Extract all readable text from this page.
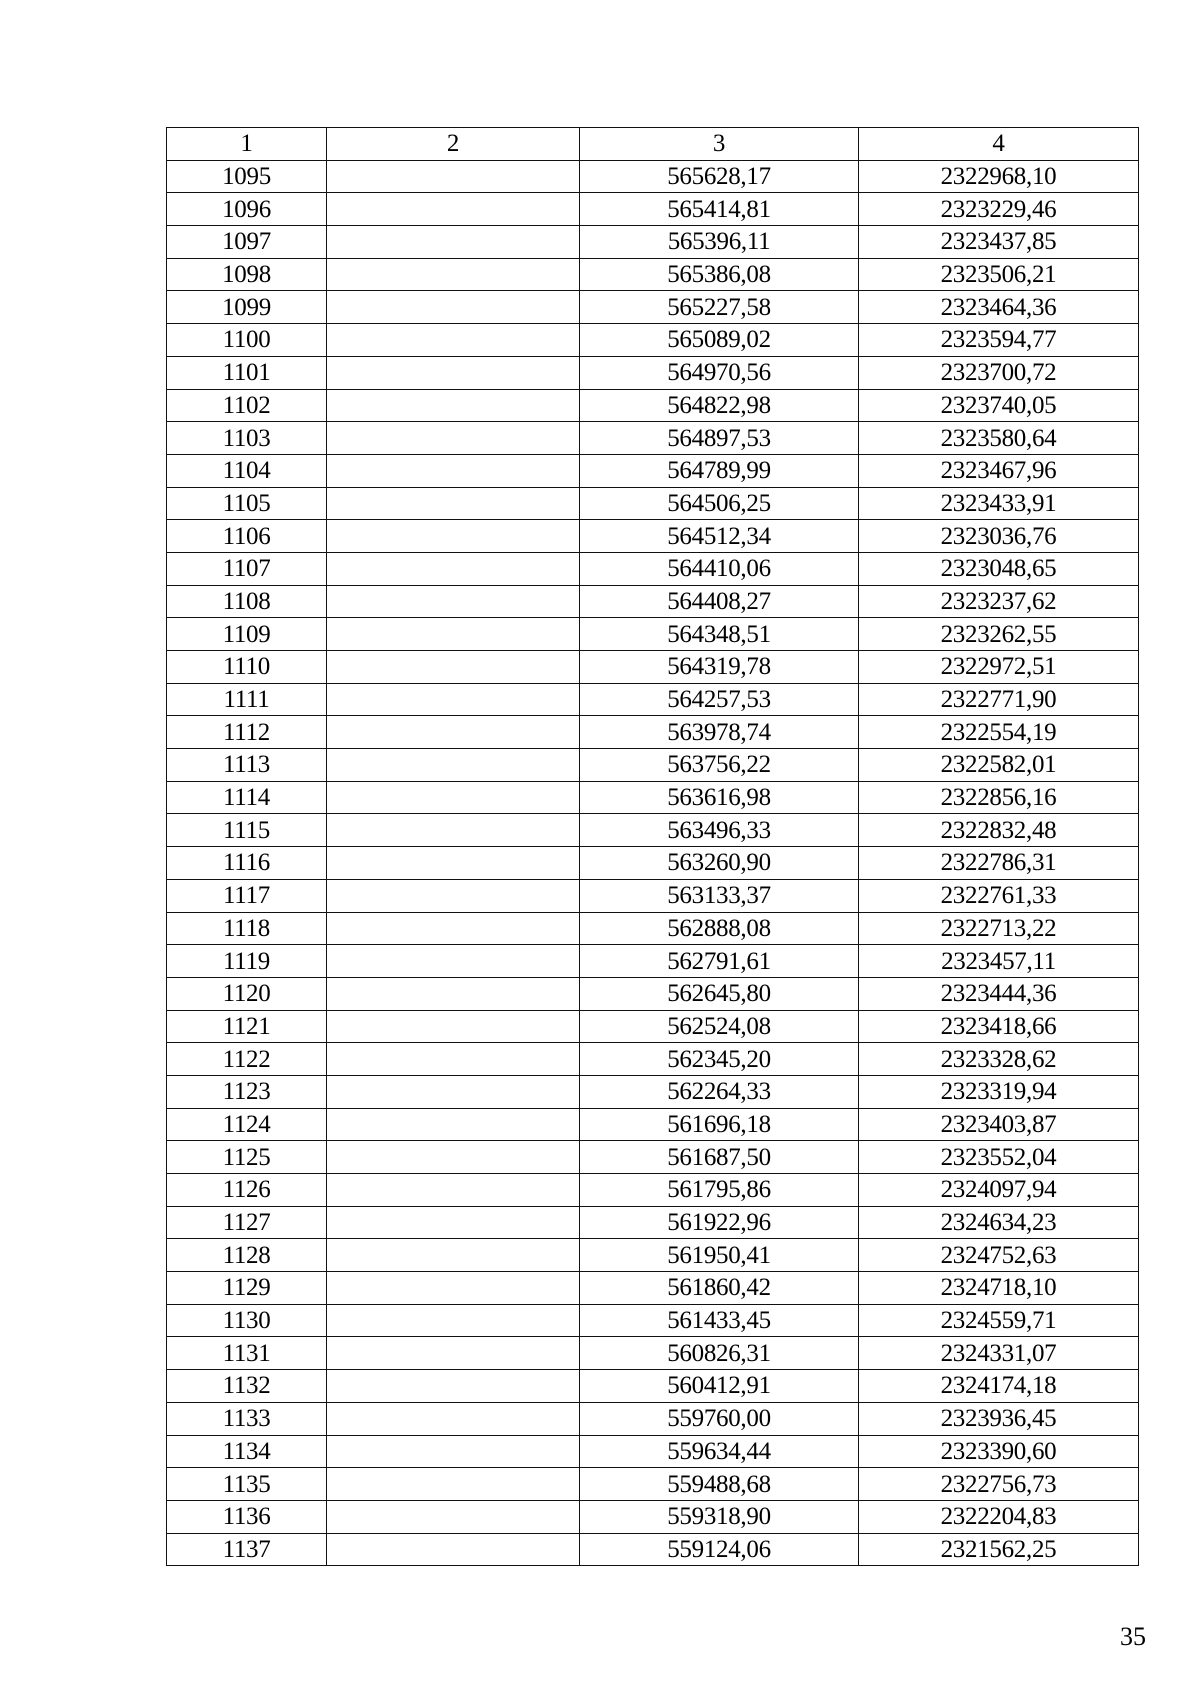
1	2	3	4
1095		565628,17	2322968,10
1096		565414,81	2323229,46
1097		565396,11	2323437,85
1098		565386,08	2323506,21
1099		565227,58	2323464,36
1100		565089,02	2323594,77
1101		564970,56	2323700,72
1102		564822,98	2323740,05
1103		564897,53	2323580,64
1104		564789,99	2323467,96
1105		564506,25	2323433,91
1106		564512,34	2323036,76
1107		564410,06	2323048,65
1108		564408,27	2323237,62
1109		564348,51	2323262,55
1110		564319,78	2322972,51
1111		564257,53	2322771,90
1112		563978,74	2322554,19
1113		563756,22	2322582,01
1114		563616,98	2322856,16
1115		563496,33	2322832,48
1116		563260,90	2322786,31
1117		563133,37	2322761,33
1118		562888,08	2322713,22
1119		562791,61	2323457,11
1120		562645,80	2323444,36
1121		562524,08	2323418,66
1122		562345,20	2323328,62
1123		562264,33	2323319,94
1124		561696,18	2323403,87
1125		561687,50	2323552,04
1126		561795,86	2324097,94
1127		561922,96	2324634,23
1128		561950,41	2324752,63
1129		561860,42	2324718,10
1130		561433,45	2324559,71
1131		560826,31	2324331,07
1132		560412,91	2324174,18
1133		559760,00	2323936,45
1134		559634,44	2323390,60
1135		559488,68	2322756,73
1136		559318,90	2322204,83
1137		559124,06	2321562,25
35
